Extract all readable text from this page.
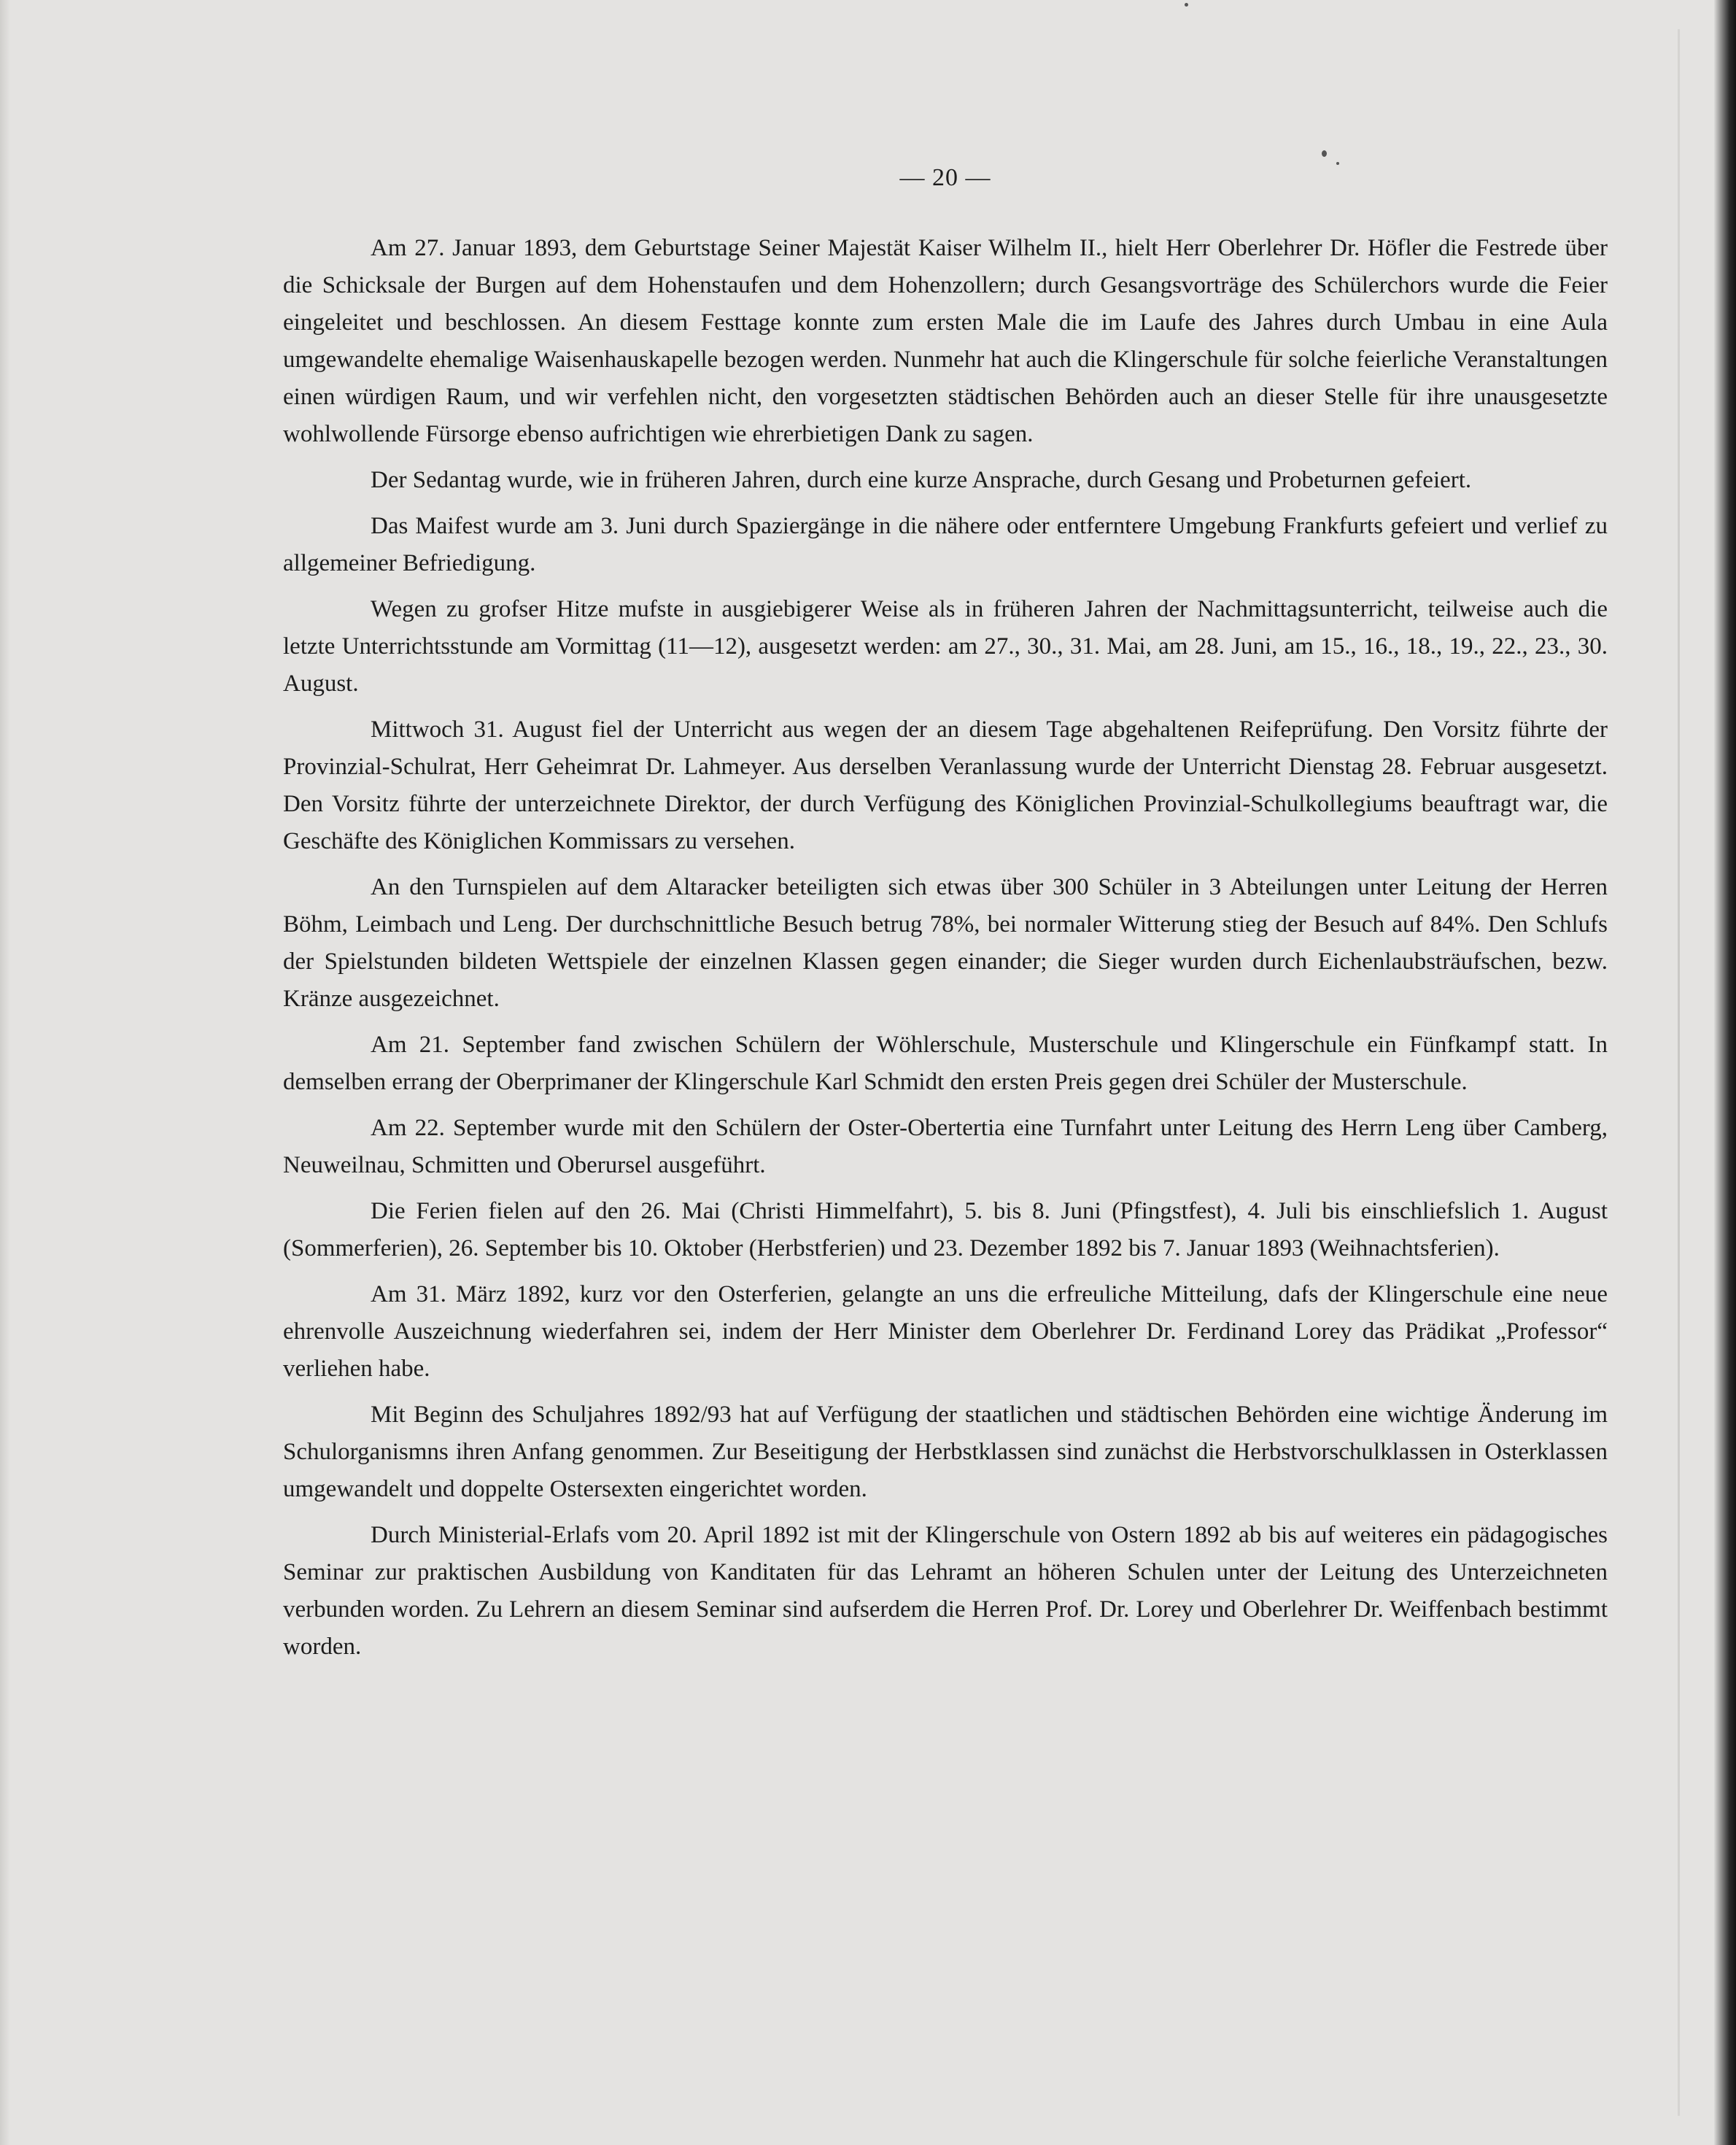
— 20 —

Am 27. Januar 1893, dem Geburtstage Seiner Majestät Kaiser Wilhelm II., hielt Herr Oberlehrer Dr. Höfler die Festrede über die Schicksale der Burgen auf dem Hohenstaufen und dem Hohenzollern; durch Gesangsvorträge des Schülerchors wurde die Feier eingeleitet und beschlossen. An diesem Festtage konnte zum ersten Male die im Laufe des Jahres durch Umbau in eine Aula umgewandelte ehemalige Waisenhauskapelle bezogen werden. Nunmehr hat auch die Klingerschule für solche feierliche Veranstaltungen einen würdigen Raum, und wir verfehlen nicht, den vorgesetzten städtischen Behörden auch an dieser Stelle für ihre unausgesetzte wohlwollende Fürsorge ebenso aufrichtigen wie ehrerbietigen Dank zu sagen.

Der Sedantag wurde, wie in früheren Jahren, durch eine kurze Ansprache, durch Gesang und Probeturnen gefeiert.

Das Maifest wurde am 3. Juni durch Spaziergänge in die nähere oder entferntere Umgebung Frankfurts gefeiert und verlief zu allgemeiner Befriedigung.

Wegen zu grofser Hitze mufste in ausgiebigerer Weise als in früheren Jahren der Nachmittagsunterricht, teilweise auch die letzte Unterrichtsstunde am Vormittag (11—12), ausgesetzt werden: am 27., 30., 31. Mai, am 28. Juni, am 15., 16., 18., 19., 22., 23., 30. August.

Mittwoch 31. August fiel der Unterricht aus wegen der an diesem Tage abgehaltenen Reifeprüfung. Den Vorsitz führte der Provinzial-Schulrat, Herr Geheimrat Dr. Lahmeyer. Aus derselben Veranlassung wurde der Unterricht Dienstag 28. Februar ausgesetzt. Den Vorsitz führte der unterzeichnete Direktor, der durch Verfügung des Königlichen Provinzial-Schulkollegiums beauftragt war, die Geschäfte des Königlichen Kommissars zu versehen.

An den Turnspielen auf dem Altaracker beteiligten sich etwas über 300 Schüler in 3 Abteilungen unter Leitung der Herren Böhm, Leimbach und Leng. Der durchschnittliche Besuch betrug 78%, bei normaler Witterung stieg der Besuch auf 84%. Den Schlufs der Spielstunden bildeten Wettspiele der einzelnen Klassen gegen einander; die Sieger wurden durch Eichenlaubsträufschen, bezw. Kränze ausgezeichnet.

Am 21. September fand zwischen Schülern der Wöhlerschule, Musterschule und Klingerschule ein Fünfkampf statt. In demselben errang der Oberprimaner der Klingerschule Karl Schmidt den ersten Preis gegen drei Schüler der Musterschule.

Am 22. September wurde mit den Schülern der Oster-Obertertia eine Turnfahrt unter Leitung des Herrn Leng über Camberg, Neuweilnau, Schmitten und Oberursel ausgeführt.

Die Ferien fielen auf den 26. Mai (Christi Himmelfahrt), 5. bis 8. Juni (Pfingstfest), 4. Juli bis einschliefslich 1. August (Sommerferien), 26. September bis 10. Oktober (Herbstferien) und 23. Dezember 1892 bis 7. Januar 1893 (Weihnachtsferien).

Am 31. März 1892, kurz vor den Osterferien, gelangte an uns die erfreuliche Mitteilung, dafs der Klingerschule eine neue ehrenvolle Auszeichnung wiederfahren sei, indem der Herr Minister dem Oberlehrer Dr. Ferdinand Lorey das Prädikat „Professor“ verliehen habe.

Mit Beginn des Schuljahres 1892/93 hat auf Verfügung der staatlichen und städtischen Behörden eine wichtige Änderung im Schulorganismns ihren Anfang genommen. Zur Beseitigung der Herbstklassen sind zunächst die Herbstvorschulklassen in Osterklassen umgewandelt und doppelte Ostersexten eingerichtet worden.

Durch Ministerial-Erlafs vom 20. April 1892 ist mit der Klingerschule von Ostern 1892 ab bis auf weiteres ein pädagogisches Seminar zur praktischen Ausbildung von Kanditaten für das Lehramt an höheren Schulen unter der Leitung des Unterzeichneten verbunden worden. Zu Lehrern an diesem Seminar sind aufserdem die Herren Prof. Dr. Lorey und Oberlehrer Dr. Weiffenbach bestimmt worden.
